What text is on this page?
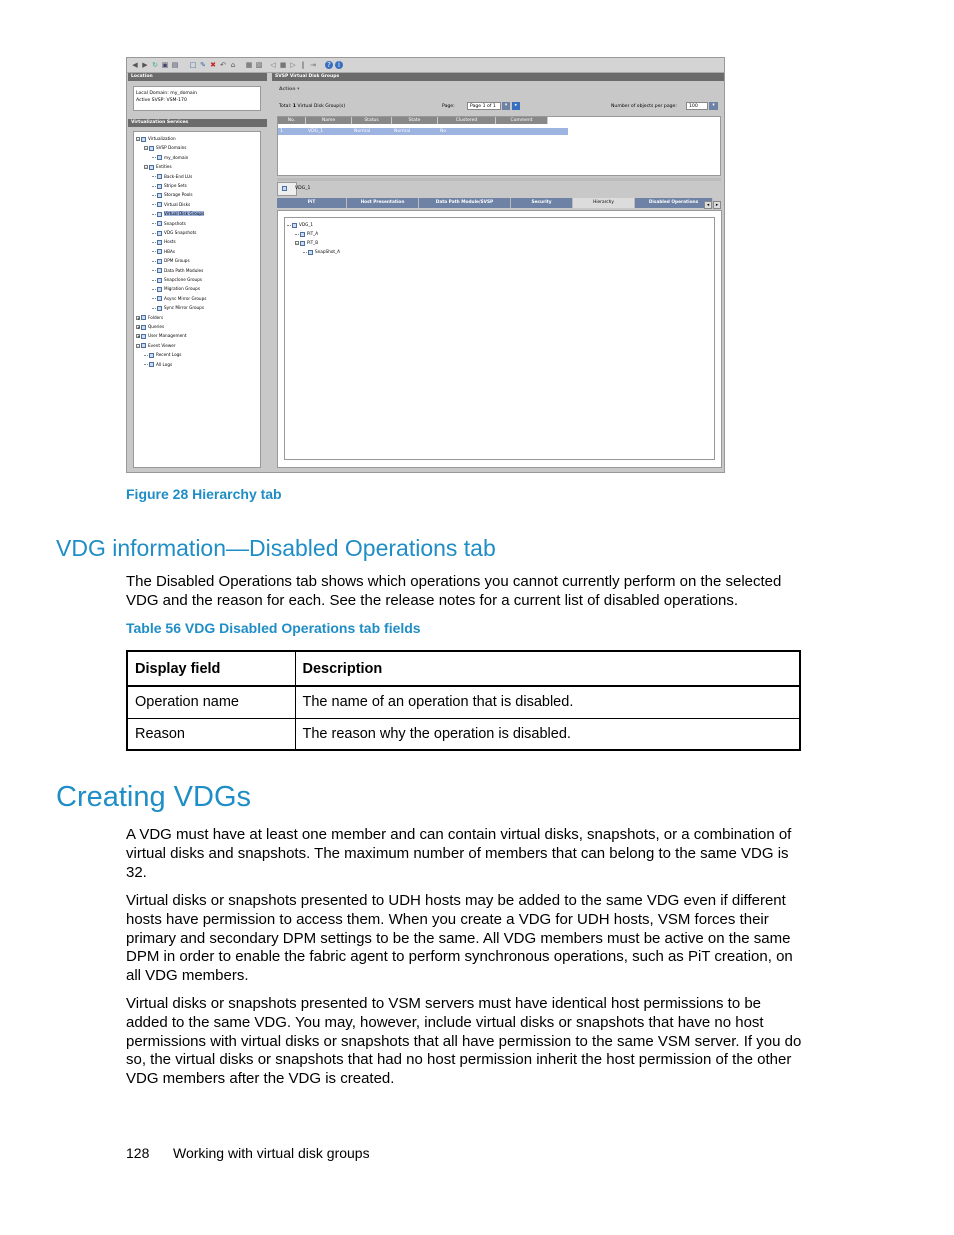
◀ ▶ ↻ ▣ ▤ □ ✎ ✖ ↶ ⌂ ▦ ▧ ◁ ■ ▷ ‖ ⇥	?	i
Location
Local Domain: my_domain
Active SVSP: VSM-170
Virtualization Services
- Virtualization
- SVSP Domains
my_domain
- Entities
Back-End LUs
Stripe Sets
Storage Pools
Virtual Disks
Virtual Disk Groups
Snapshots
VDG Snapshots
Hosts
HBAs
DPM Groups
Data Path Modules
Snapclone Groups
Migration Groups
Async Mirror Groups
Sync Mirror Groups
+ Folders
+ Queries
+ User Management
- Event Viewer
Recent Logs
All Logs
SVSP Virtual Disk Groups
Action ▾
Total: 1 Virtual Disk Group(s)	Page:	Page 1 of 1	▾	▸	Number of objects per page:	100	▾
No.	Name	Status	State	Clustered	Comment
1	VDG_1	Normal	Normal	No
VDG_1
PiT	Host Presentation	Data Path Module/SVSP	Security	Hierarchy	Disabled Operations
◂	▸
VDG_1
PiT_A
- PiT_B
SnapShot_A
Figure 28 Hierarchy tab
VDG information—Disabled Operations tab

The Disabled Operations tab shows which operations you cannot currently perform on the selected VDG and the reason for each. See the release notes for a current list of disabled operations.

Table 56 VDG Disabled Operations tab fields
Display field	Description
Operation name	The name of an operation that is disabled.
Reason	The reason why the operation is disabled.
Creating VDGs

A VDG must have at least one member and can contain virtual disks, snapshots, or a combination of virtual disks and snapshots. The maximum number of members that can belong to the same VDG is 32.

Virtual disks or snapshots presented to UDH hosts may be added to the same VDG even if different hosts have permission to access them. When you create a VDG for UDH hosts, VSM forces their primary and secondary DPM settings to be the same. All VDG members must be active on the same DPM in order to enable the fabric agent to perform synchronous operations, such as PiT creation, on all VDG members.

Virtual disks or snapshots presented to VSM servers must have identical host permissions to be added to the same VDG. You may, however, include virtual disks or snapshots that have no host permissions with virtual disks or snapshots that all have permission to the same VSM server. If you do so, the virtual disks or snapshots that had no host permission inherit the host permission of the other VDG members after the VDG is created.

128 Working with virtual disk groups
